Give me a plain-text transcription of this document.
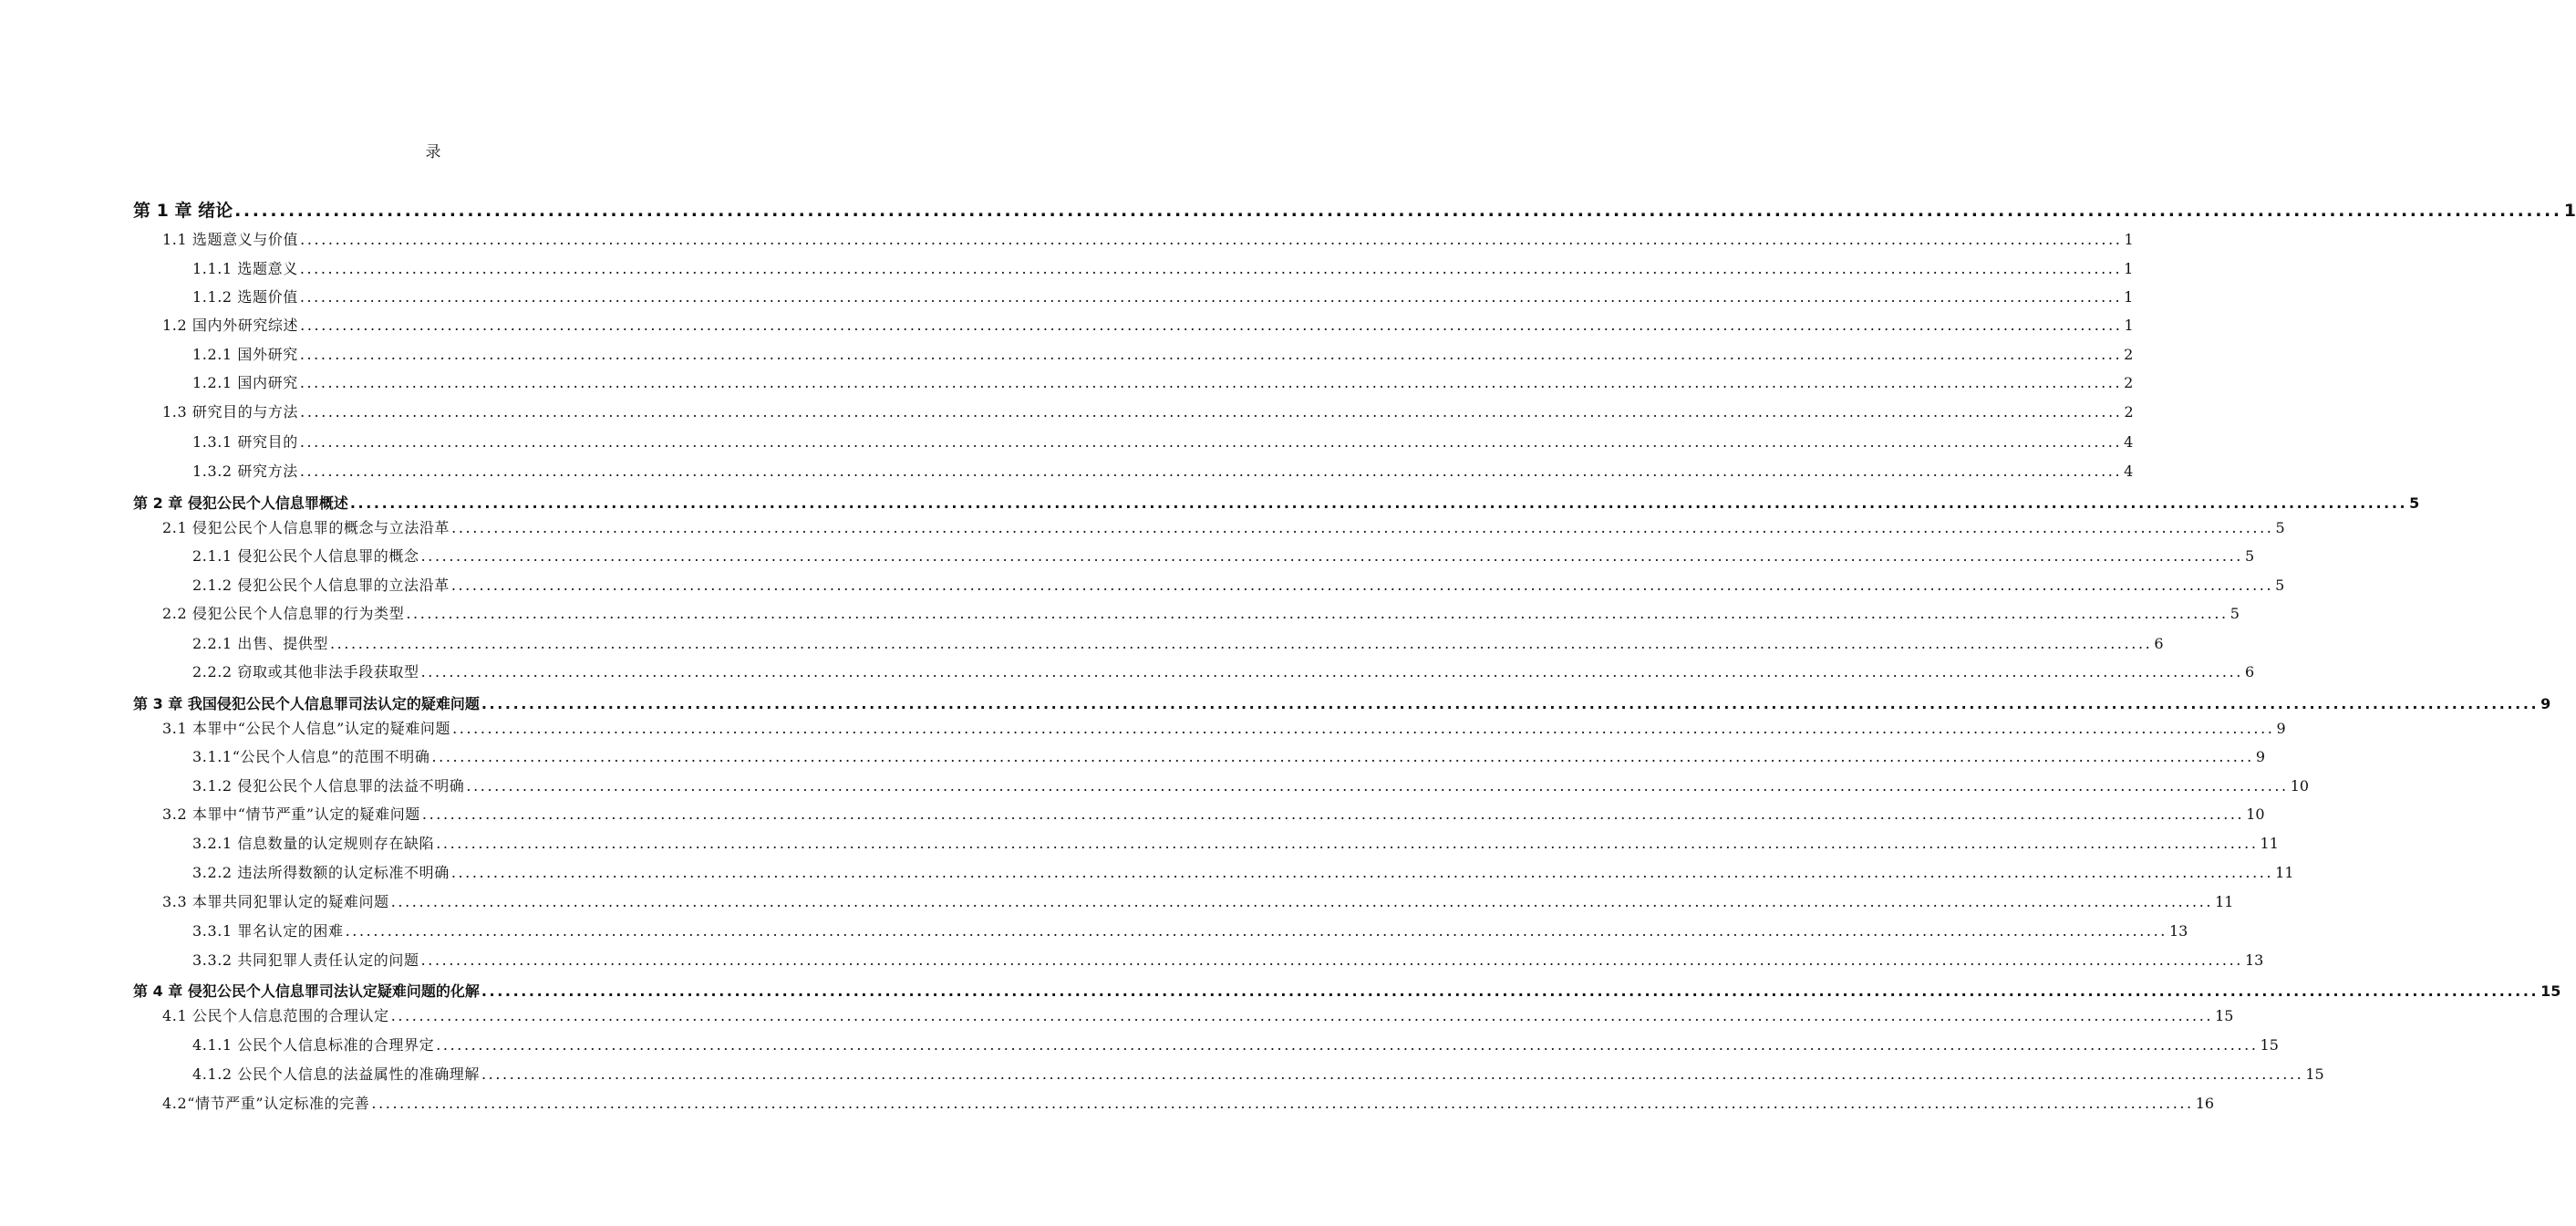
录
第 1 章 绪论 .................................................................................................................................................................................................................................................................... 1
1.1 选题意义与价值 .................................................................................................................................................................................................................................................................... 1
1.1.1 选题意义 .................................................................................................................................................................................................................................................................... 1
1.1.2 选题价值 .................................................................................................................................................................................................................................................................... 1
1.2 国内外研究综述 .................................................................................................................................................................................................................................................................... 1
1.2.1 国外研究 .................................................................................................................................................................................................................................................................... 2
1.2.1 国内研究 .................................................................................................................................................................................................................................................................... 2
1.3 研究目的与方法 .................................................................................................................................................................................................................................................................... 2
1.3.1 研究目的 .................................................................................................................................................................................................................................................................... 4
1.3.2 研究方法 .................................................................................................................................................................................................................................................................... 4
第 2 章 侵犯公民个人信息罪概述 .................................................................................................................................................................................................................................................................... 5
2.1 侵犯公民个人信息罪的概念与立法沿革 .................................................................................................................................................................................................................................................................... 5
2.1.1 侵犯公民个人信息罪的概念 .................................................................................................................................................................................................................................................................... 5
2.1.2 侵犯公民个人信息罪的立法沿革 .................................................................................................................................................................................................................................................................... 5
2.2 侵犯公民个人信息罪的行为类型 .................................................................................................................................................................................................................................................................... 5
2.2.1 出售、提供型 .................................................................................................................................................................................................................................................................... 6
2.2.2 窃取或其他非法手段获取型 .................................................................................................................................................................................................................................................................... 6
第 3 章 我国侵犯公民个人信息罪司法认定的疑难问题 .................................................................................................................................................................................................................................................................... 9
3.1 本罪中“公民个人信息”认定的疑难问题 .................................................................................................................................................................................................................................................................... 9
3.1.1“公民个人信息”的范围不明确 .................................................................................................................................................................................................................................................................... 9
3.1.2 侵犯公民个人信息罪的法益不明确 .................................................................................................................................................................................................................................................................... 10
3.2 本罪中“情节严重”认定的疑难问题 .................................................................................................................................................................................................................................................................... 10
3.2.1 信息数量的认定规则存在缺陷 .................................................................................................................................................................................................................................................................... 11
3.2.2 违法所得数额的认定标准不明确 .................................................................................................................................................................................................................................................................... 11
3.3 本罪共同犯罪认定的疑难问题 .................................................................................................................................................................................................................................................................... 11
3.3.1 罪名认定的困难 .................................................................................................................................................................................................................................................................... 13
3.3.2 共同犯罪人责任认定的问题 .................................................................................................................................................................................................................................................................... 13
第 4 章 侵犯公民个人信息罪司法认定疑难问题的化解 .................................................................................................................................................................................................................................................................... 15
4.1 公民个人信息范围的合理认定 .................................................................................................................................................................................................................................................................... 15
4.1.1 公民个人信息标准的合理界定 .................................................................................................................................................................................................................................................................... 15
4.1.2 公民个人信息的法益属性的准确理解 .................................................................................................................................................................................................................................................................... 15
4.2“情节严重”认定标准的完善 .................................................................................................................................................................................................................................................................... 16
